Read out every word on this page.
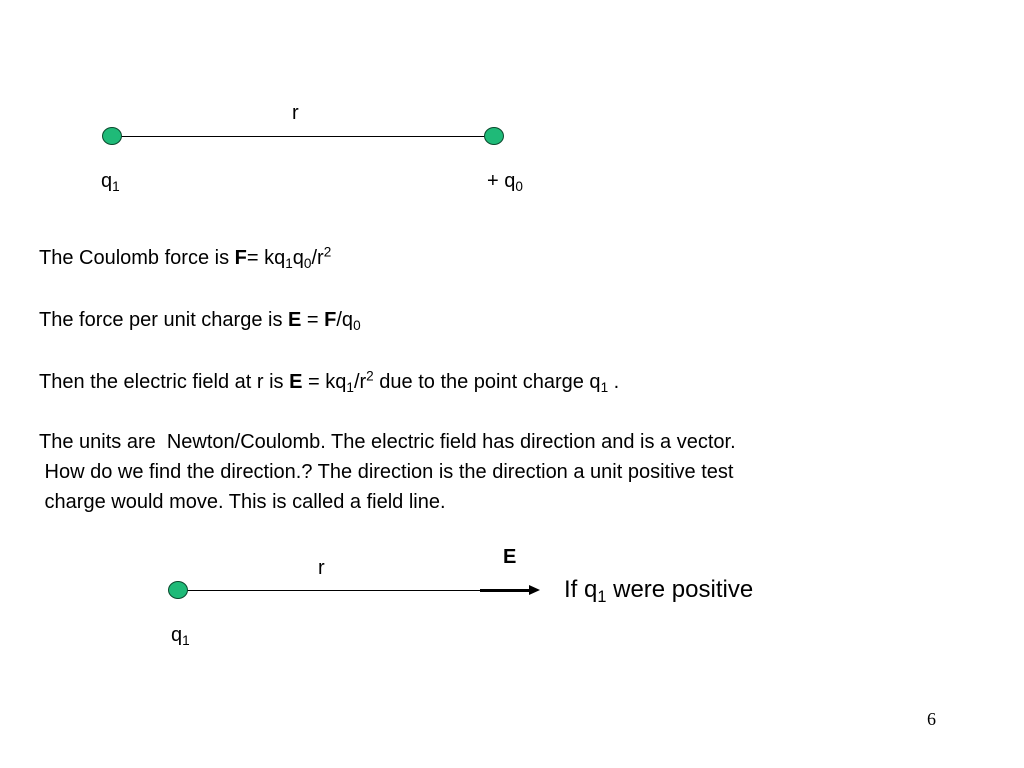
r
$q_1$	+ $q_0$
The Coulomb force is $F= kq_1q_0/r^2$
The force per unit charge is $E = F/q_0$
Then the electric field at r is $E = kq_1/r^2$ due to the point charge $q_1$ .
The units are  Newton/Coulomb. The electric field has direction and is a vector.
How do we find the direction.? The direction is the direction a unit positive test
charge would move. This is called a field line.
r	E
$q_1$
If $q_1$ were positive
6
